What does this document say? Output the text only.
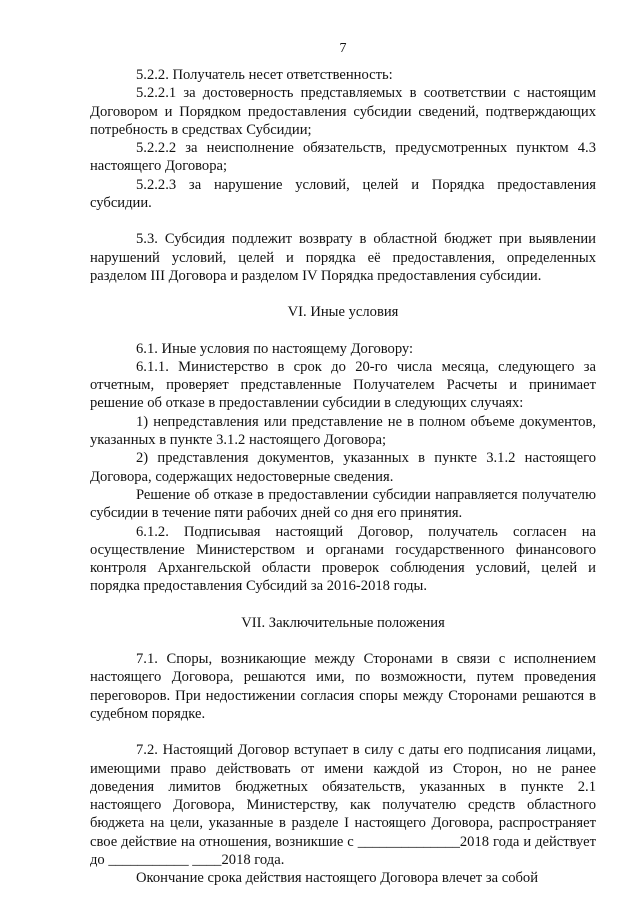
7

5.2.2. Получатель несет ответственность:

5.2.2.1 за достоверность представляемых в соответствии с настоящим Договором и Порядком предоставления субсидии сведений, подтверждающих потребность в средствах Субсидии;

5.2.2.2 за неисполнение обязательств, предусмотренных пунктом 4.3 настоящего Договора;

5.2.2.3 за нарушение условий, целей и Порядка предоставления субсидии.

5.3. Субсидия подлежит возврату в областной бюджет при выявлении нарушений условий, целей и порядка её предоставления, определенных разделом III Договора и разделом IV Порядка предоставления субсидии.

VI. Иные условия

6.1. Иные условия по настоящему Договору:

6.1.1. Министерство в срок до 20-го числа месяца, следующего за отчетным, проверяет представленные Получателем Расчеты и принимает решение об отказе в предоставлении субсидии в следующих случаях:

1) непредставления или представление не в полном объеме документов, указанных в пункте 3.1.2 настоящего Договора;

2) представления документов, указанных в пункте 3.1.2 настоящего Договора, содержащих недостоверные сведения.

Решение об отказе в предоставлении субсидии направляется получателю субсидии в течение пяти рабочих дней со дня его принятия.

6.1.2. Подписывая настоящий Договор, получатель согласен на осуществление Министерством и органами государственного финансового контроля Архангельской области проверок соблюдения условий, целей и порядка предоставления Субсидий за 2016-2018 годы.

VII. Заключительные положения

7.1. Споры, возникающие между Сторонами в связи с исполнением настоящего Договора, решаются ими, по возможности, путем проведения переговоров. При недостижении согласия споры между Сторонами решаются в судебном порядке.

7.2. Настоящий Договор вступает в силу с даты его подписания лицами, имеющими право действовать от имени каждой из Сторон, но не ранее доведения лимитов бюджетных обязательств, указанных в пункте 2.1 настоящего Договора, Министерству, как получателю средств областного бюджета на цели, указанные в разделе I настоящего Договора, распространяет свое действие на отношения, возникшие с ______________2018 года и действует до ___________ ____2018 года.

Окончание срока действия настоящего Договора влечет за собой
